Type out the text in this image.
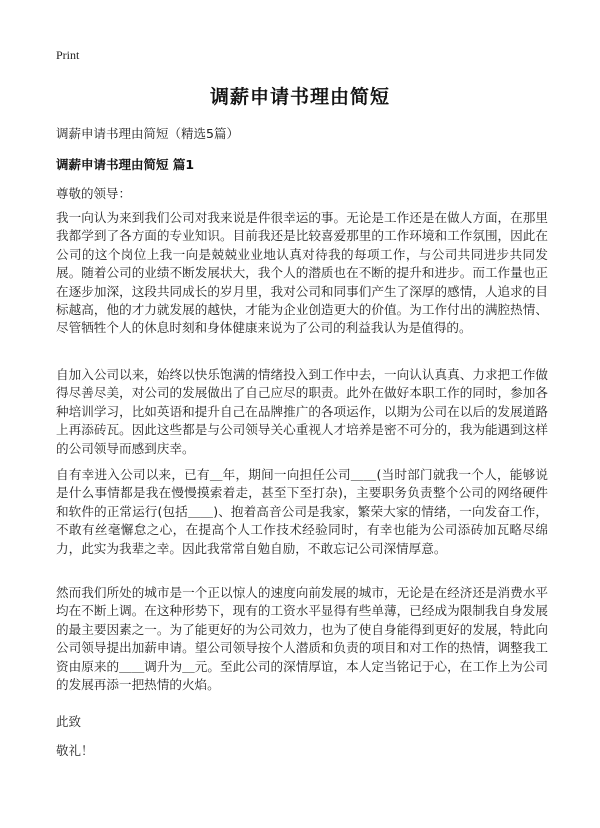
Print
调薪申请书理由简短
调薪申请书理由简短（精选5篇）
调薪申请书理由简短 篇1
尊敬的领导：

我一向认为来到我们公司对我来说是件很幸运的事。无论是工作还是在做人方面，在那里我都学到了各方面的专业知识。目前我还是比较喜爱那里的工作环境和工作氛围，因此在公司的这个岗位上我一向是兢兢业业地认真对待我的每项工作，与公司共同进步共同发展。随着公司的业绩不断发展状大，我个人的潜质也在不断的提升和进步。而工作量也正在逐步加深，这段共同成长的岁月里，我对公司和同事们产生了深厚的感情，人追求的目标越高，他的才力就发展的越快，才能为企业创造更大的价值。为工作付出的满腔热情、尽管牺牲个人的休息时刻和身体健康来说为了公司的利益我认为是值得的。

自加入公司以来，始终以快乐饱满的情绪投入到工作中去，一向认认真真、力求把工作做得尽善尽美，对公司的发展做出了自己应尽的职责。此外在做好本职工作的同时，参加各种培训学习，比如英语和提升自己在品牌推广的各项运作，以期为公司在以后的发展道路上再添砖瓦。因此这些都是与公司领导关心重视人才培养是密不可分的，我为能遇到这样的公司领导而感到庆幸。

自有幸进入公司以来，已有＿年，期间一向担任公司＿＿(当时部门就我一个人，能够说是什么事情都是我在慢慢摸索着走，甚至下至打杂)，主要职务负责整个公司的网络硬件和软件的正常运行(包括＿＿)、抱着高音公司是我家，繁荣大家的情绪，一向发奋工作，不敢有丝毫懈怠之心，在提高个人工作技术经验同时，有幸也能为公司添砖加瓦略尽绵力，此实为我辈之幸。因此我常常自勉自励，不敢忘记公司深情厚意。

然而我们所处的城市是一个正以惊人的速度向前发展的城市，无论是在经济还是消费水平均在不断上调。在这种形势下，现有的工资水平显得有些单薄，已经成为限制我自身发展的最主要因素之一。为了能更好的为公司效力，也为了使自身能得到更好的发展，特此向公司领导提出加薪申请。望公司领导按个人潜质和负责的项目和对工作的热情，调整我工资由原来的＿＿调升为＿元。至此公司的深情厚谊，本人定当铭记于心，在工作上为公司的发展再添一把热情的火焰。

此致
敬礼！
